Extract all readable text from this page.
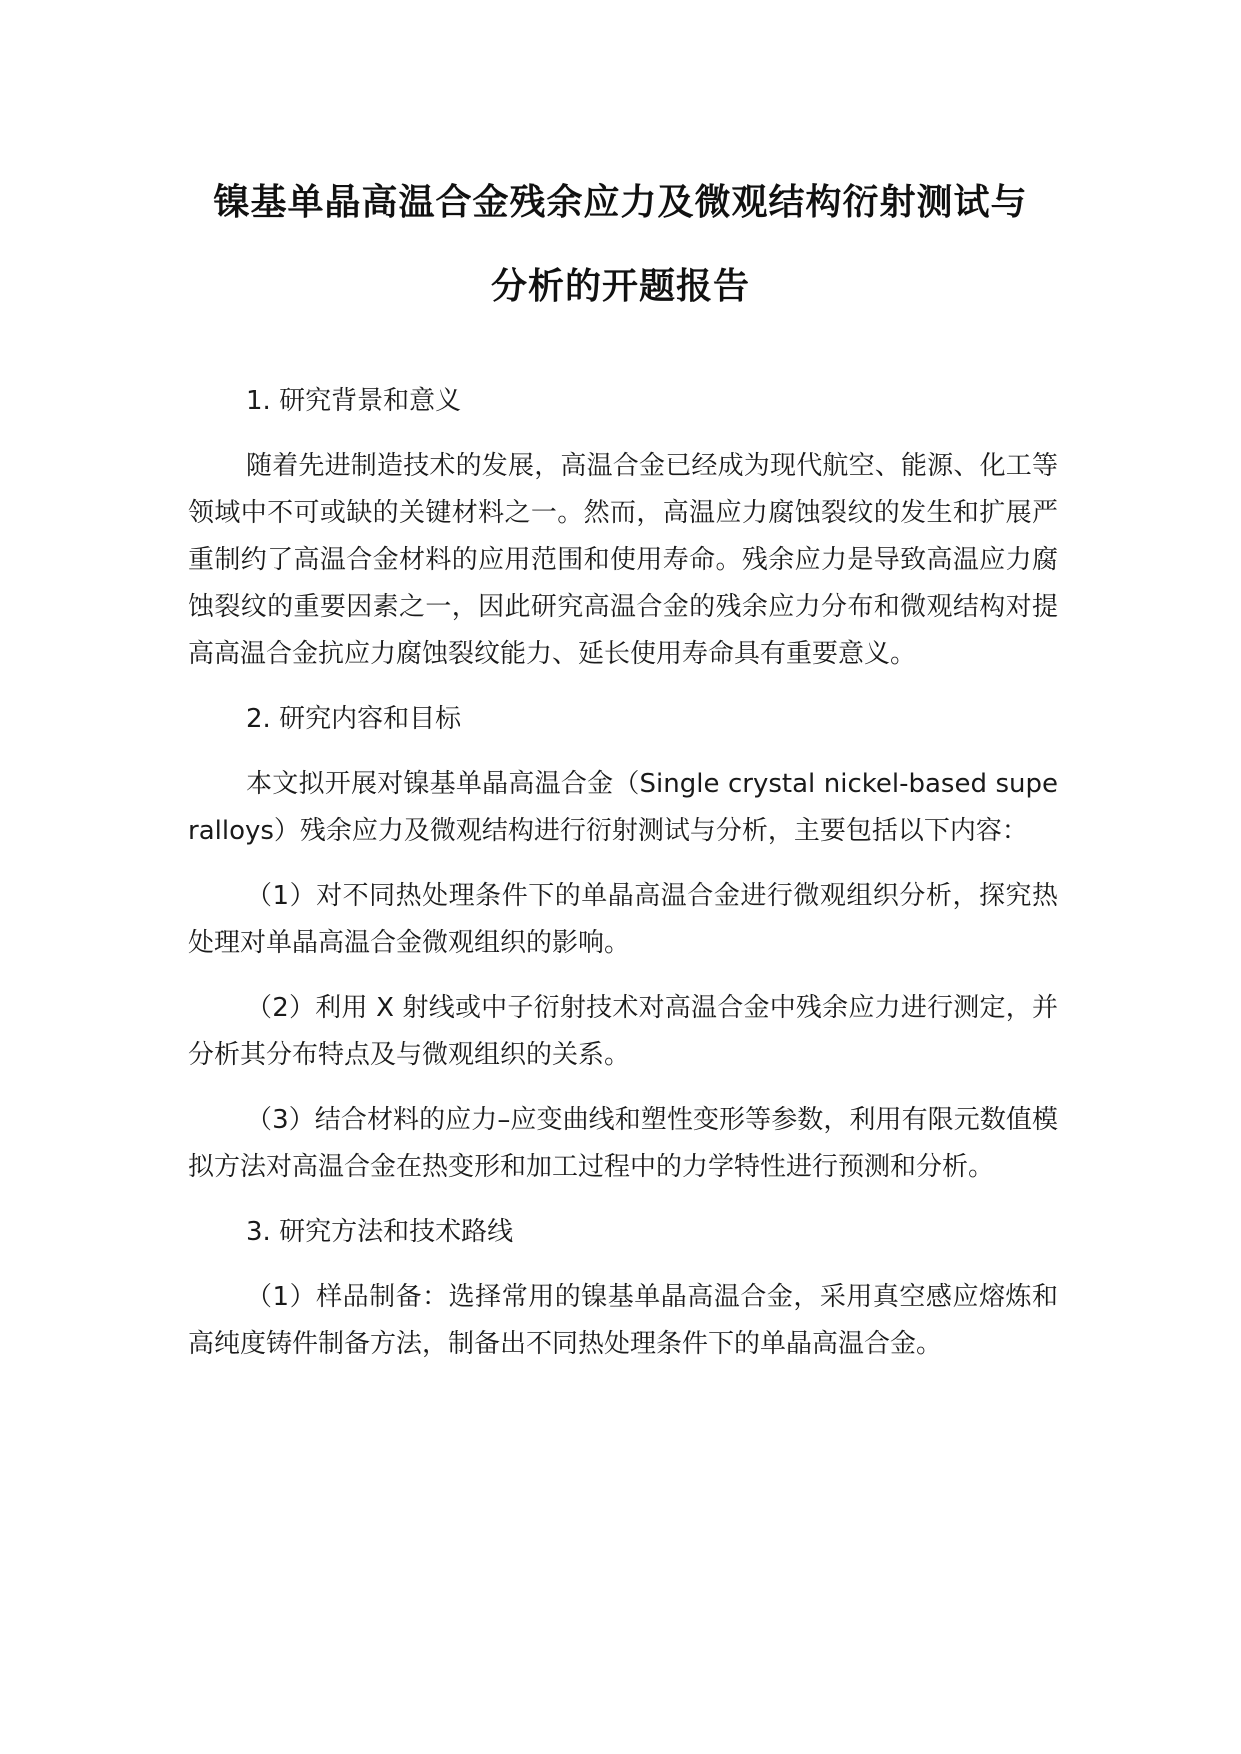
镍基单晶高温合金残余应力及微观结构衍射测试与
分析的开题报告

1. 研究背景和意义

随着先进制造技术的发展，高温合金已经成为现代航空、能源、化工等领域中不可或缺的关键材料之一。然而，高温应力腐蚀裂纹的发生和扩展严重制约了高温合金材料的应用范围和使用寿命。残余应力是导致高温应力腐蚀裂纹的重要因素之一，因此研究高温合金的残余应力分布和微观结构对提高高温合金抗应力腐蚀裂纹能力、延长使用寿命具有重要意义。

2. 研究内容和目标

本文拟开展对镍基单晶高温合金（Single crystal nickel-based superalloys）残余应力及微观结构进行衍射测试与分析，主要包括以下内容：

（1）对不同热处理条件下的单晶高温合金进行微观组织分析，探究热处理对单晶高温合金微观组织的影响。

（2）利用 X 射线或中子衍射技术对高温合金中残余应力进行测定，并分析其分布特点及与微观组织的关系。

（3）结合材料的应力–应变曲线和塑性变形等参数，利用有限元数值模拟方法对高温合金在热变形和加工过程中的力学特性进行预测和分析。

3. 研究方法和技术路线

（1）样品制备：选择常用的镍基单晶高温合金，采用真空感应熔炼和高纯度铸件制备方法，制备出不同热处理条件下的单晶高温合金。
